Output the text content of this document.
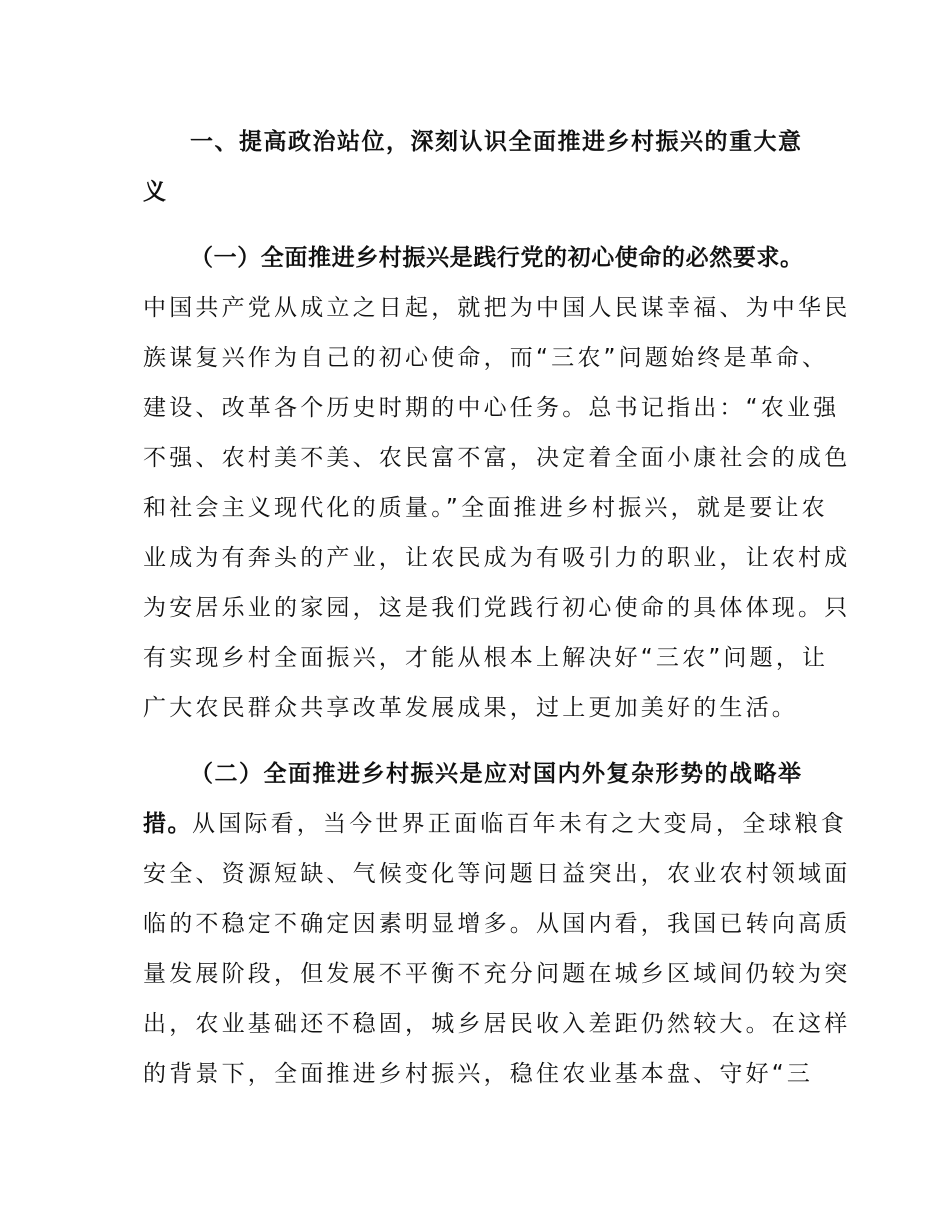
一、提高政治站位，深刻认识全面推进乡村振兴的重大意
义
（一）全面推进乡村振兴是践行党的初心使命的必然要求。
中国共产党从成立之日起，就把为中国人民谋幸福、为中华民
族谋复兴作为自己的初心使命，而“三农”问题始终是革命、
建设、改革各个历史时期的中心任务。总书记指出：“农业强
不强、农村美不美、农民富不富，决定着全面小康社会的成色
和社会主义现代化的质量。”全面推进乡村振兴，就是要让农
业成为有奔头的产业，让农民成为有吸引力的职业，让农村成
为安居乐业的家园，这是我们党践行初心使命的具体体现。只
有实现乡村全面振兴，才能从根本上解决好“三农”问题，让
广大农民群众共享改革发展成果，过上更加美好的生活。
（二）全面推进乡村振兴是应对国内外复杂形势的战略举
措。从国际看，当今世界正面临百年未有之大变局，全球粮食
安全、资源短缺、气候变化等问题日益突出，农业农村领域面
临的不稳定不确定因素明显增多。从国内看，我国已转向高质
量发展阶段，但发展不平衡不充分问题在城乡区域间仍较为突
出，农业基础还不稳固，城乡居民收入差距仍然较大。在这样
的背景下，全面推进乡村振兴，稳住农业基本盘、守好“三
